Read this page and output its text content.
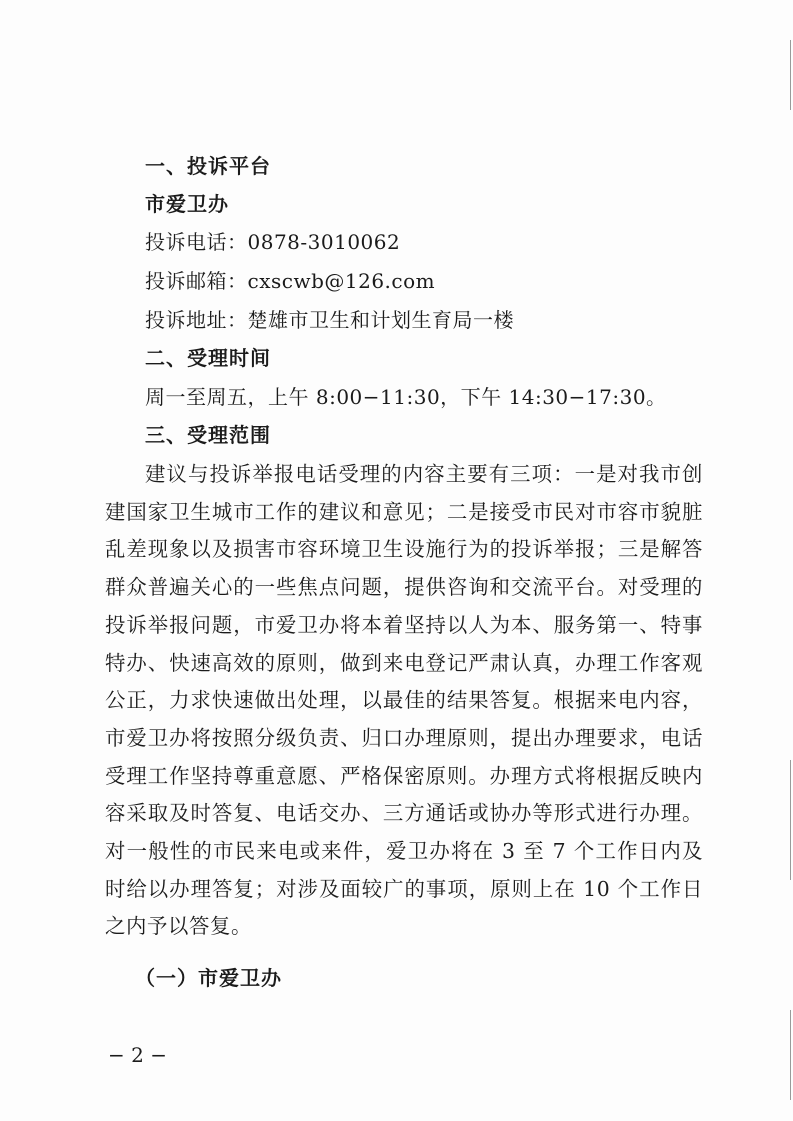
一、投诉平台
市爱卫办
投诉电话：0878-3010062
投诉邮箱：cxscwb@126.com
投诉地址：楚雄市卫生和计划生育局一楼
二、受理时间
周一至周五，上午 8:00−11:30，下午 14:30−17:30。
三、受理范围
建议与投诉举报电话受理的内容主要有三项：一是对我市创建国家卫生城市工作的建议和意见；二是接受市民对市容市貌脏乱差现象以及损害市容环境卫生设施行为的投诉举报；三是解答群众普遍关心的一些焦点问题，提供咨询和交流平台。对受理的投诉举报问题，市爱卫办将本着坚持以人为本、服务第一、特事特办、快速高效的原则，做到来电登记严肃认真，办理工作客观公正，力求快速做出处理，以最佳的结果答复。根据来电内容，市爱卫办将按照分级负责、归口办理原则，提出办理要求，电话受理工作坚持尊重意愿、严格保密原则。办理方式将根据反映内容采取及时答复、电话交办、三方通话或协办等形式进行办理。对一般性的市民来电或来件，爱卫办将在 3 至 7 个工作日内及时给以办理答复；对涉及面较广的事项，原则上在 10 个工作日之内予以答复。
（一）市爱卫办
− 2 −
